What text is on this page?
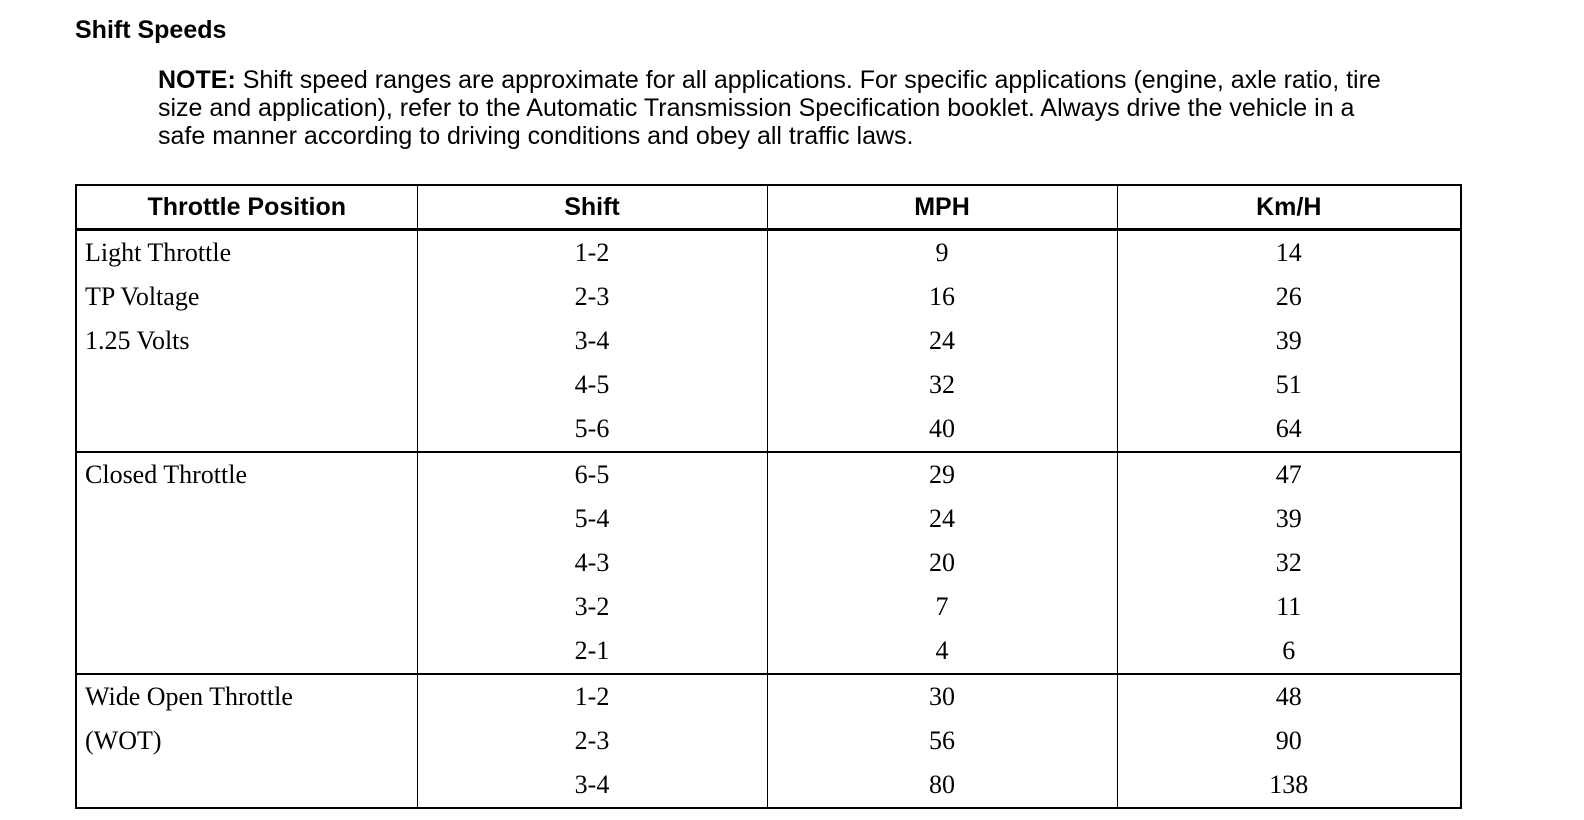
Shift Speeds

NOTE: Shift speed ranges are approximate for all applications. For specific applications (engine, axle ratio, tire size and application), refer to the Automatic Transmission Specification booklet. Always drive the vehicle in a safe manner according to driving conditions and obey all traffic laws.

Throttle Position	Shift	MPH	Km/H
Light Throttle	1-2	9	14
TP Voltage	2-3	16	26
1.25 Volts	3-4	24	39
	4-5	32	51
	5-6	40	64
Closed Throttle	6-5	29	47
	5-4	24	39
	4-3	20	32
	3-2	7	11
	2-1	4	6
Wide Open Throttle	1-2	30	48
(WOT)	2-3	56	90
	3-4	80	138
